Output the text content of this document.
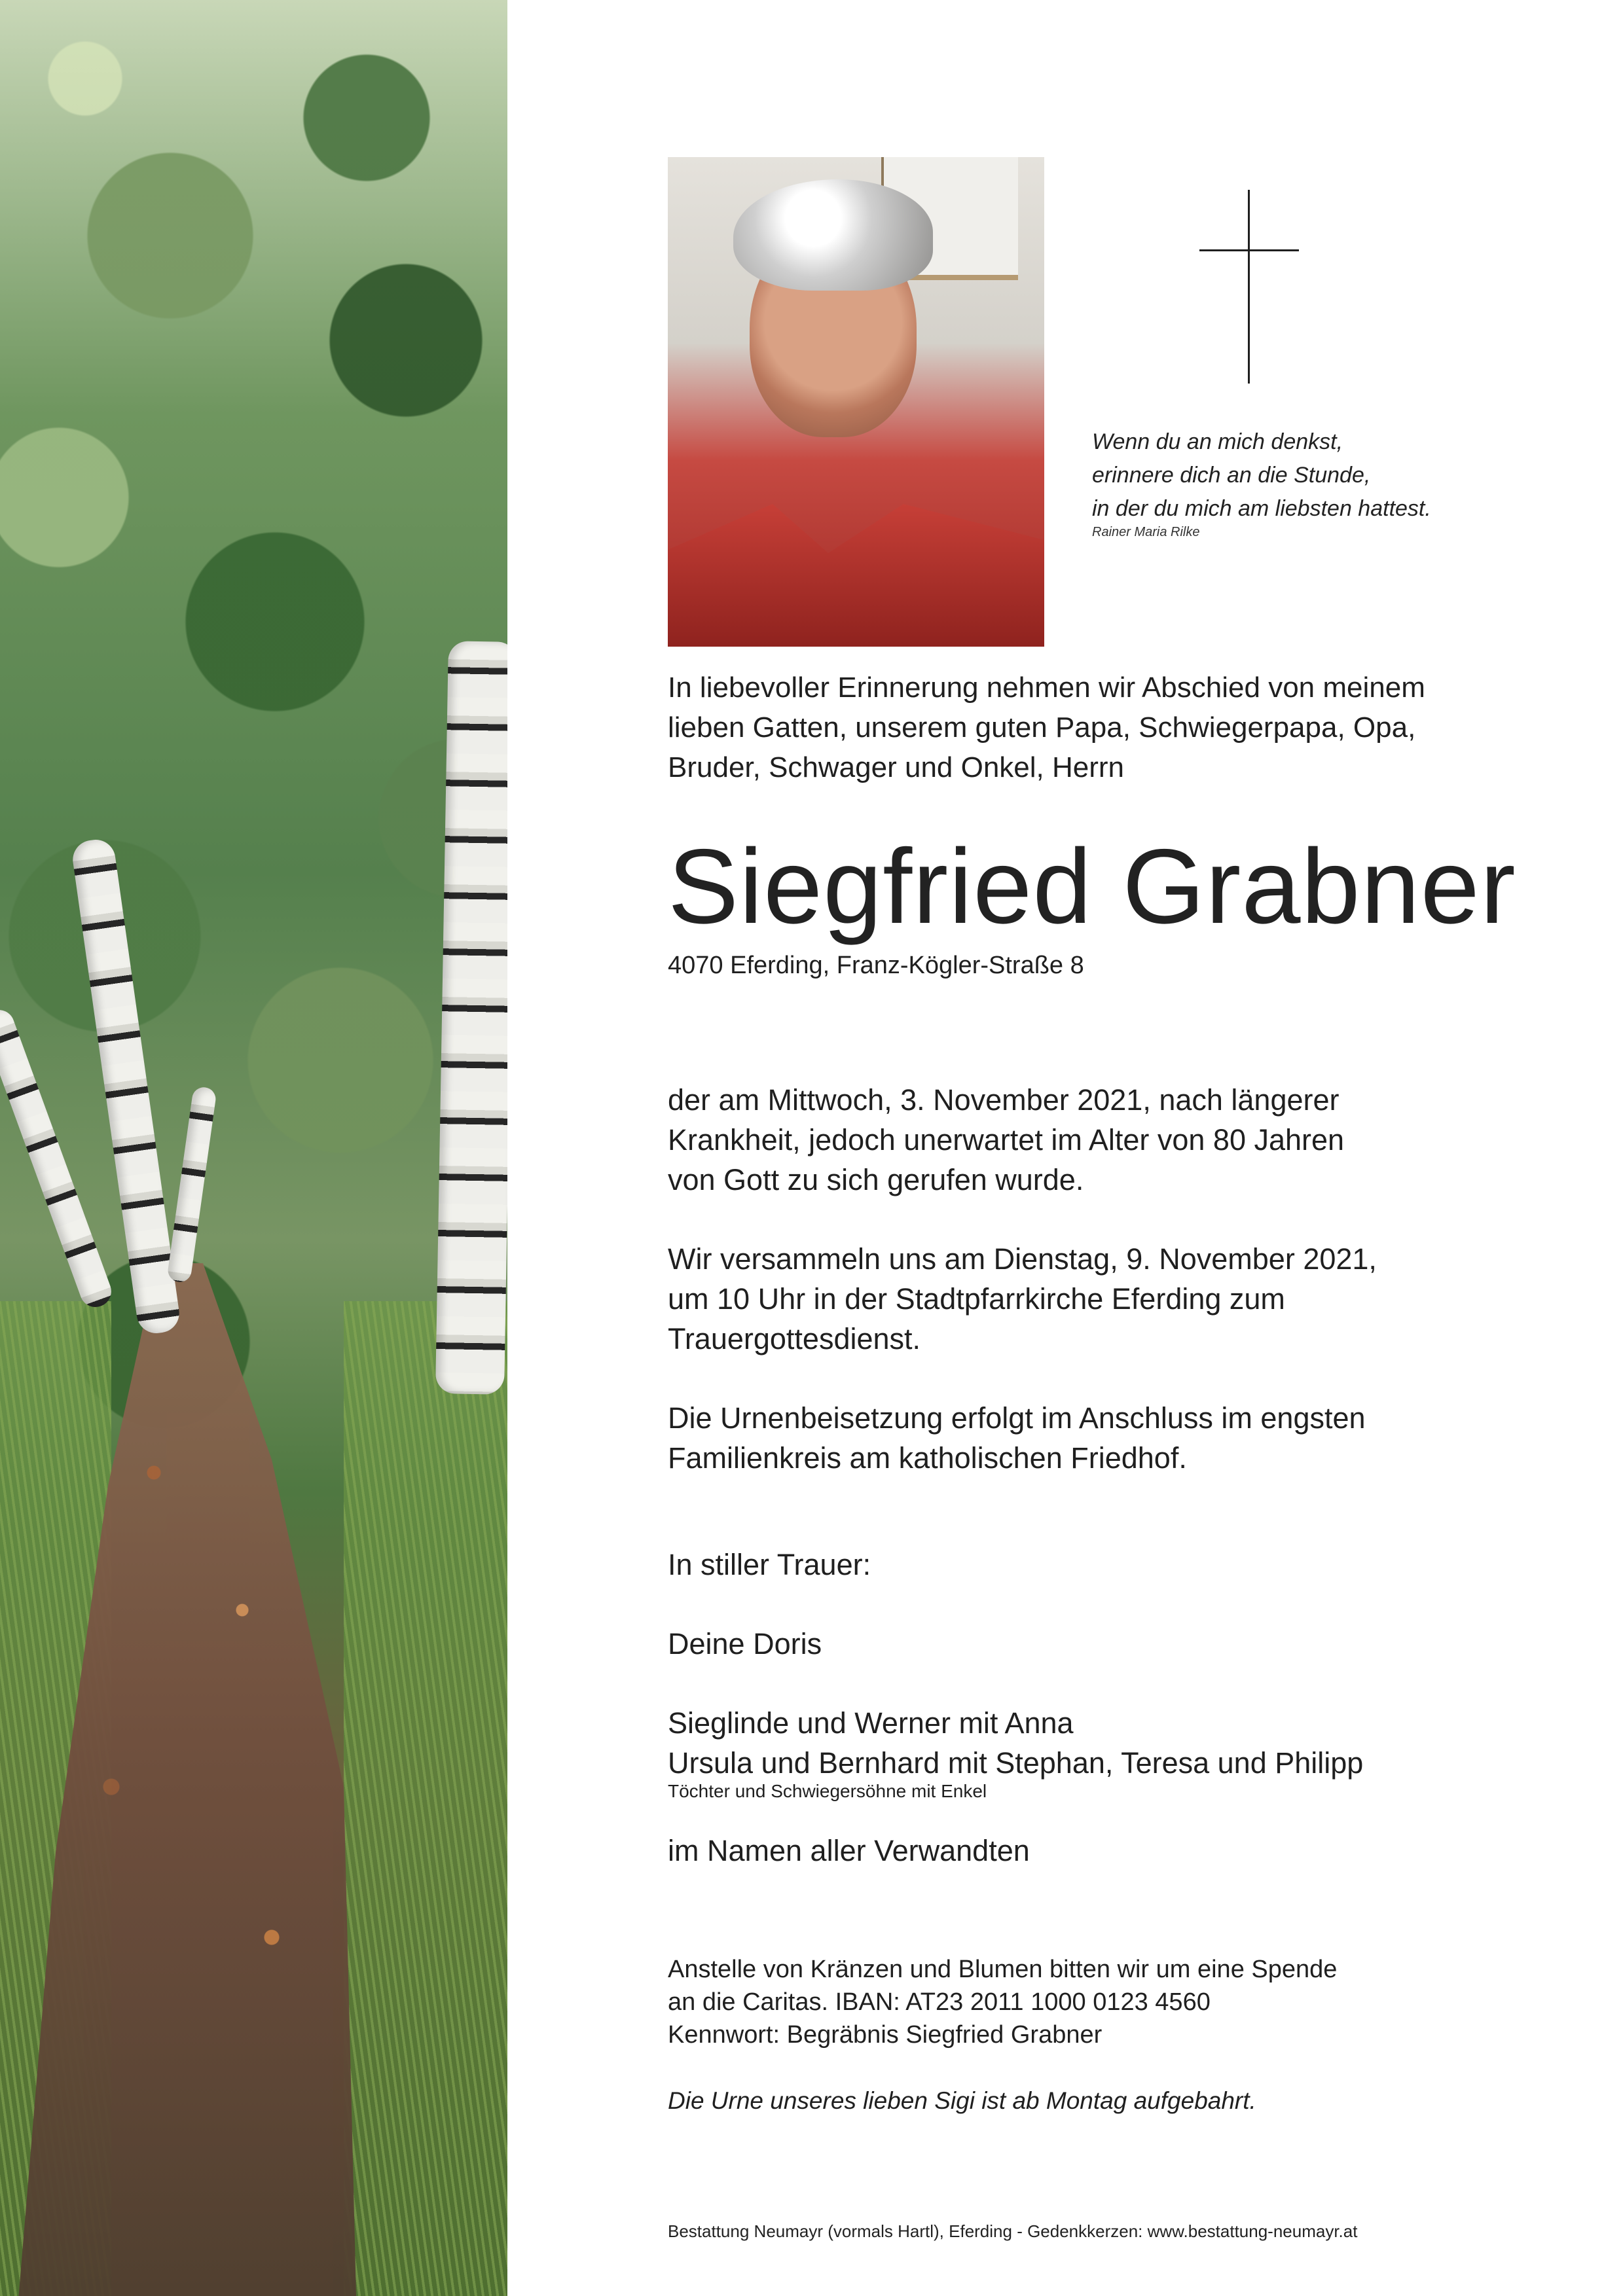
Wenn du an mich denkst,
erinnere dich an die Stunde,
in der du mich am liebsten hattest.
Rainer Maria Rilke
In liebevoller Erinnerung nehmen wir Abschied von meinem
lieben Gatten, unserem guten Papa, Schwiegerpapa, Opa,
Bruder, Schwager und Onkel, Herrn
Siegfried Grabner
4070 Eferding, Franz-Kögler-Straße 8
der am Mittwoch, 3. November 2021, nach längerer
Krankheit, jedoch unerwartet im Alter von 80 Jahren
von Gott zu sich gerufen wurde.
Wir versammeln uns am Dienstag, 9. November 2021,
um 10 Uhr in der Stadtpfarrkirche Eferding zum
Trauergottesdienst.
Die Urnenbeisetzung erfolgt im Anschluss im engsten
Familienkreis am katholischen Friedhof.
In stiller Trauer:
Deine Doris
Sieglinde und Werner mit Anna
Ursula und Bernhard mit Stephan, Teresa und Philipp
Töchter und Schwiegersöhne mit Enkel
im Namen aller Verwandten
Anstelle von Kränzen und Blumen bitten wir um eine Spende
an die Caritas. IBAN: AT23 2011 1000 0123 4560
Kennwort: Begräbnis Siegfried Grabner
Die Urne unseres lieben Sigi ist ab Montag aufgebahrt.
Bestattung Neumayr (vormals Hartl), Eferding - Gedenkkerzen: www.bestattung-neumayr.at
